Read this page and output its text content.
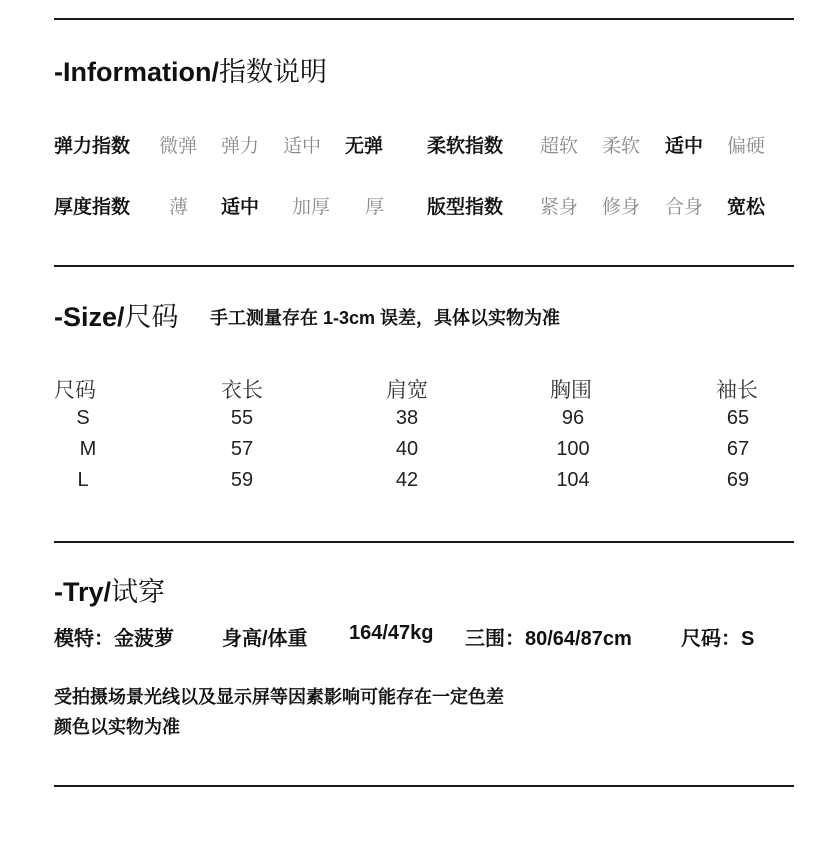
-Information/指数说明
弹力指数 微弹 弹力 适中 无弹 柔软指数 超软 柔软 适中 偏硬
厚度指数 薄 适中 加厚 厚 版型指数 紧身 修身 合身 宽松
-Size/尺码 手工测量存在 1-3cm 误差，具体以实物为准
尺码	衣长	肩宽	胸围	袖长
S	55	38	96	65
M	57	40	100	67
L	59	42	104	69
-Try/试穿
模特：金菠萝 身高/体重 164/47kg 三围：80/64/87cm 尺码：S
受拍摄场景光线以及显示屏等因素影响可能存在一定色差
颜色以实物为准
